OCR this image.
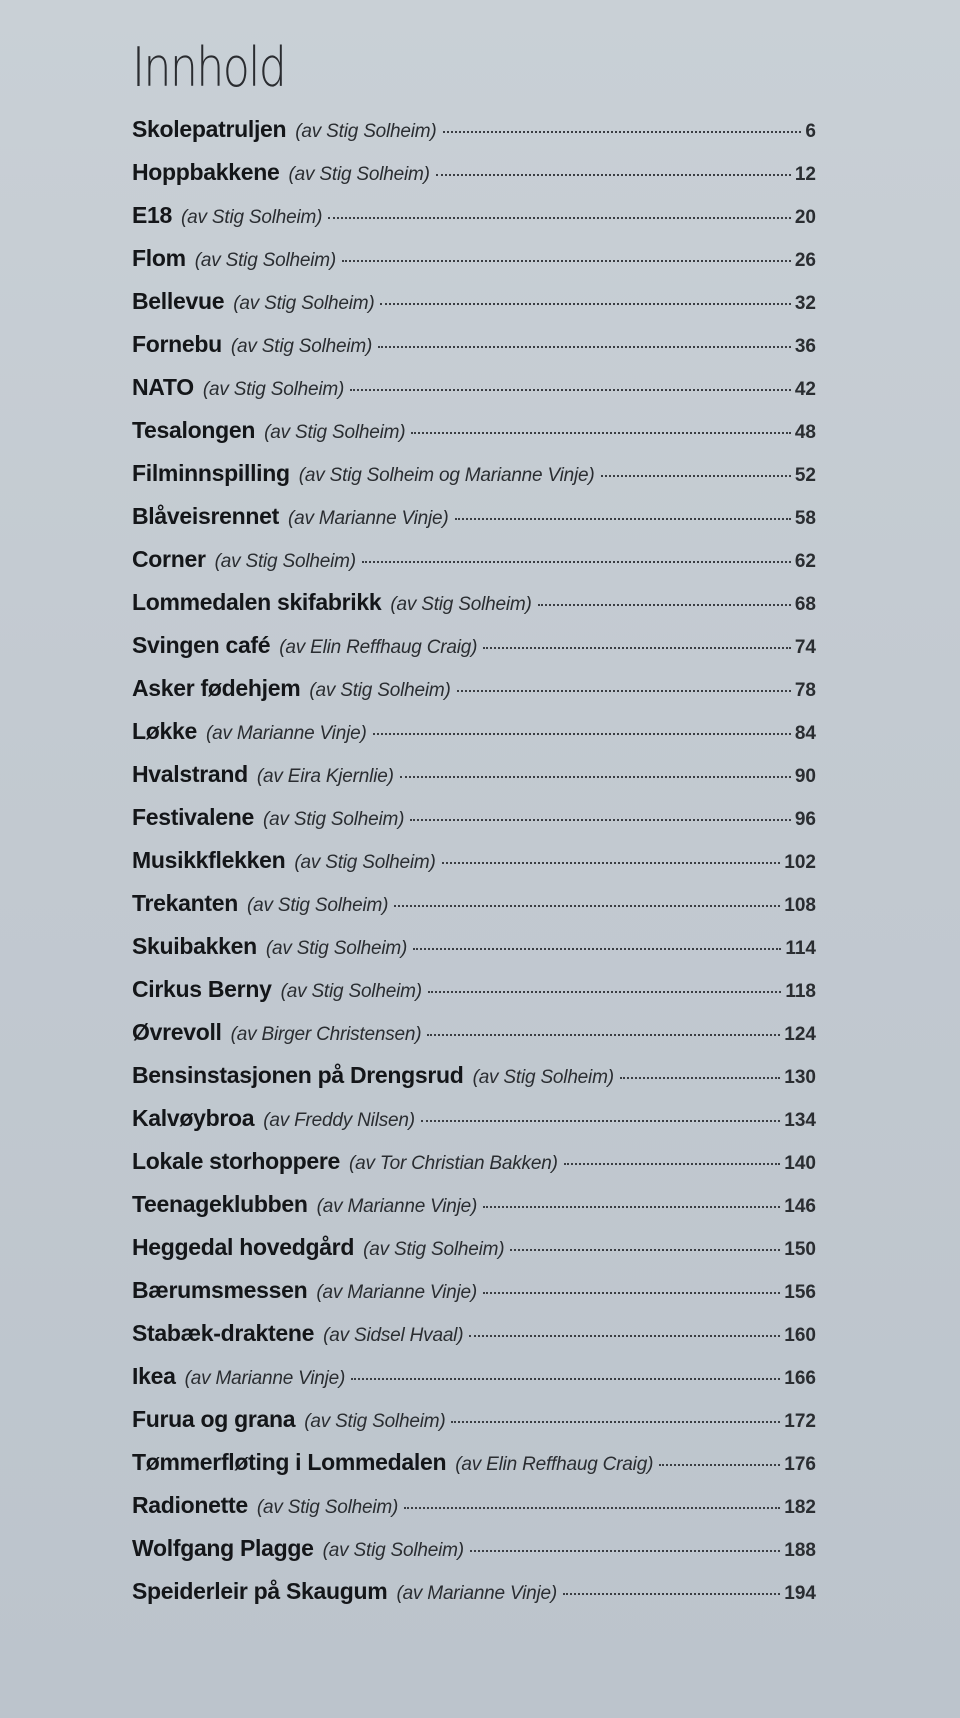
Innhold
Skolepatruljen (av Stig Solheim)	6
Hoppbakkene (av Stig Solheim)	12
E18 (av Stig Solheim)	20
Flom (av Stig Solheim)	26
Bellevue (av Stig Solheim)	32
Fornebu (av Stig Solheim)	36
NATO (av Stig Solheim)	42
Tesalongen (av Stig Solheim)	48
Filminnspilling (av Stig Solheim og Marianne Vinje)	52
Blåveisrennet (av Marianne Vinje)	58
Corner (av Stig Solheim)	62
Lommedalen skifabrikk (av Stig Solheim)	68
Svingen café (av Elin Reffhaug Craig)	74
Asker fødehjem (av Stig Solheim)	78
Løkke (av Marianne Vinje)	84
Hvalstrand (av Eira Kjernlie)	90
Festivalene (av Stig Solheim)	96
Musikkflekken (av Stig Solheim)	102
Trekanten (av Stig Solheim)	108
Skuibakken (av Stig Solheim)	114
Cirkus Berny (av Stig Solheim)	118
Øvrevoll (av Birger Christensen)	124
Bensinstasjonen på Drengsrud (av Stig Solheim)	130
Kalvøybroa (av Freddy Nilsen)	134
Lokale storhoppere (av Tor Christian Bakken)	140
Teenageklubben (av Marianne Vinje)	146
Heggedal hovedgård (av Stig Solheim)	150
Bærumsmessen (av Marianne Vinje)	156
Stabæk-draktene (av Sidsel Hvaal)	160
Ikea (av Marianne Vinje)	166
Furua og grana (av Stig Solheim)	172
Tømmerfløting i Lommedalen (av Elin Reffhaug Craig)	176
Radionette (av Stig Solheim)	182
Wolfgang Plagge (av Stig Solheim)	188
Speiderleir på Skaugum (av Marianne Vinje)	194
